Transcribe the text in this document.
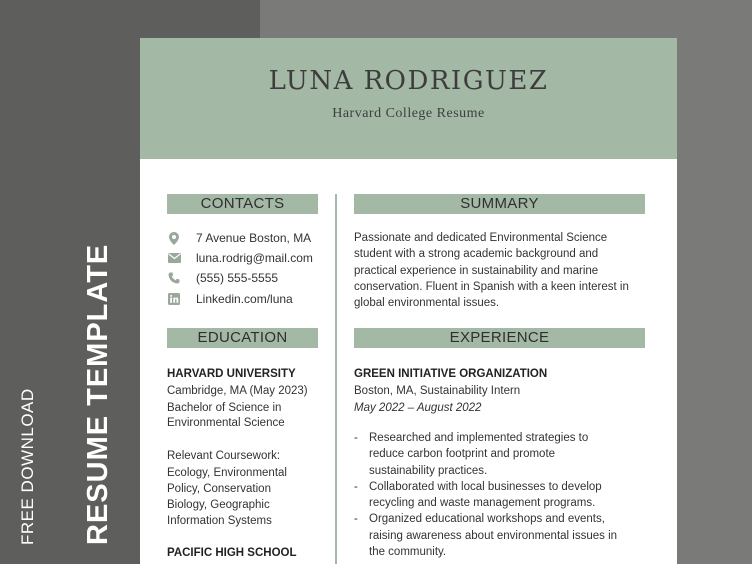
FREE DOWNLOAD RESUME TEMPLATE
LUNA RODRIGUEZ
Harvard College Resume
CONTACTS
EDUCATION
SUMMARY
EXPERIENCE
7 Avenue Boston, MA
luna.rodrig@mail.com
(555) 555-5555
Linkedin.com/luna
HARVARD UNIVERSITY
Cambridge, MA (May 2023)
Bachelor of Science in
Environmental Science
Relevant Coursework:
Ecology, Environmental
Policy, Conservation
Biology, Geographic
Information Systems
PACIFIC HIGH SCHOOL
Passionate and dedicated Environmental Science
student with a strong academic background and
practical experience in sustainability and marine
conservation. Fluent in Spanish with a keen interest in
global environmental issues.
GREEN INITIATIVE ORGANIZATION
Boston, MA, Sustainability Intern
May 2022 – August 2022
- Researched and implemented strategies to
reduce carbon footprint and promote
sustainability practices.
- Collaborated with local businesses to develop
recycling and waste management programs.
- Organized educational workshops and events,
raising awareness about environmental issues in
the community.
